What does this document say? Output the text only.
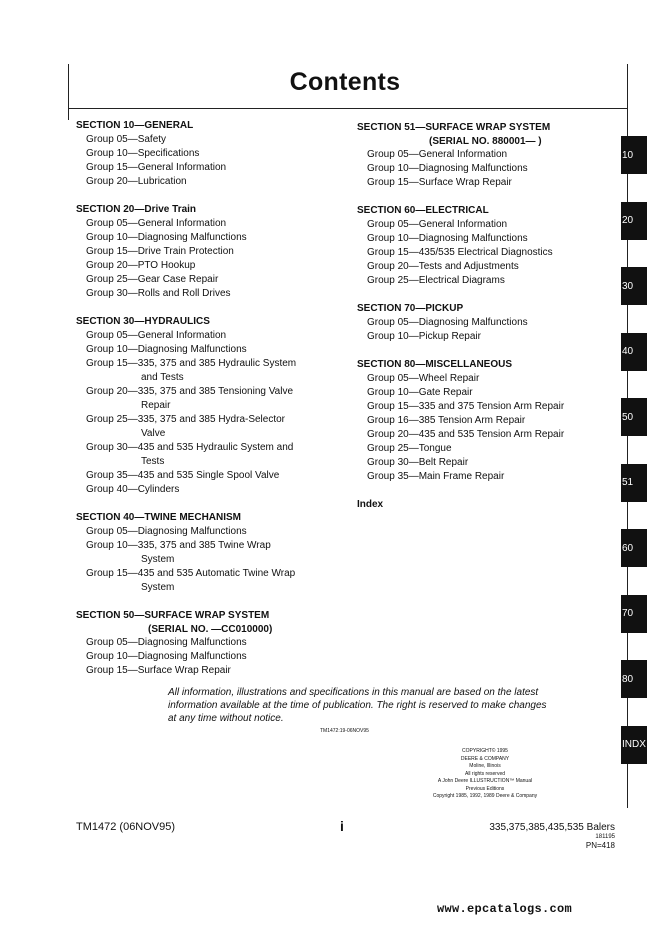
Contents
SECTION 10—GENERAL
Group 05—Safety
Group 10—Specifications
Group 15—General Information
Group 20—Lubrication
SECTION 20—Drive Train
Group 05—General Information
Group 10—Diagnosing Malfunctions
Group 15—Drive Train Protection
Group 20—PTO Hookup
Group 25—Gear Case Repair
Group 30—Rolls and Roll Drives
SECTION 30—HYDRAULICS
Group 05—General Information
Group 10—Diagnosing Malfunctions
Group 15—335, 375 and 385 Hydraulic System
and Tests
Group 20—335, 375 and 385 Tensioning Valve
Repair
Group 25—335, 375 and 385 Hydra-Selector
Valve
Group 30—435 and 535 Hydraulic System and
Tests
Group 35—435 and 535 Single Spool Valve
Group 40—Cylinders
SECTION 40—TWINE MECHANISM
Group 05—Diagnosing Malfunctions
Group 10—335, 375 and 385 Twine Wrap
System
Group 15—435 and 535 Automatic Twine Wrap
System
SECTION 50—SURFACE WRAP SYSTEM
(SERIAL NO. —CC010000)
Group 05—Diagnosing Malfunctions
Group 10—Diagnosing Malfunctions
Group 15—Surface Wrap Repair
SECTION 51—SURFACE WRAP SYSTEM
(SERIAL NO. 880001— )
Group 05—General Information
Group 10—Diagnosing Malfunctions
Group 15—Surface Wrap Repair
SECTION 60—ELECTRICAL
Group 05—General Information
Group 10—Diagnosing Malfunctions
Group 15—435/535 Electrical Diagnostics
Group 20—Tests and Adjustments
Group 25—Electrical Diagrams
SECTION 70—PICKUP
Group 05—Diagnosing Malfunctions
Group 10—Pickup Repair
SECTION 80—MISCELLANEOUS
Group 05—Wheel Repair
Group 10—Gate Repair
Group 15—335 and 375 Tension Arm Repair
Group 16—385 Tension Arm Repair
Group 20—435 and 535 Tension Arm Repair
Group 25—Tongue
Group 30—Belt Repair
Group 35—Main Frame Repair
Index
10
20
30
40
50
51
60
70
80
INDX
All information, illustrations and specifications in this manual are based on the latest information available at the time of publication. The right is reserved to make changes at any time without notice.
TM1472:19-06NOV95
COPYRIGHT© 1995
DEERE & COMPANY
Moline, Illinois
All rights reserved
A John Deere ILLUSTRUCTION™ Manual
Previous Editions
Copyright 1985, 1992, 1989 Deere & Company
TM1472 (06NOV95)	i	335,375,385,435,535 Balers
181195
PN=418
www.epcatalogs.com
